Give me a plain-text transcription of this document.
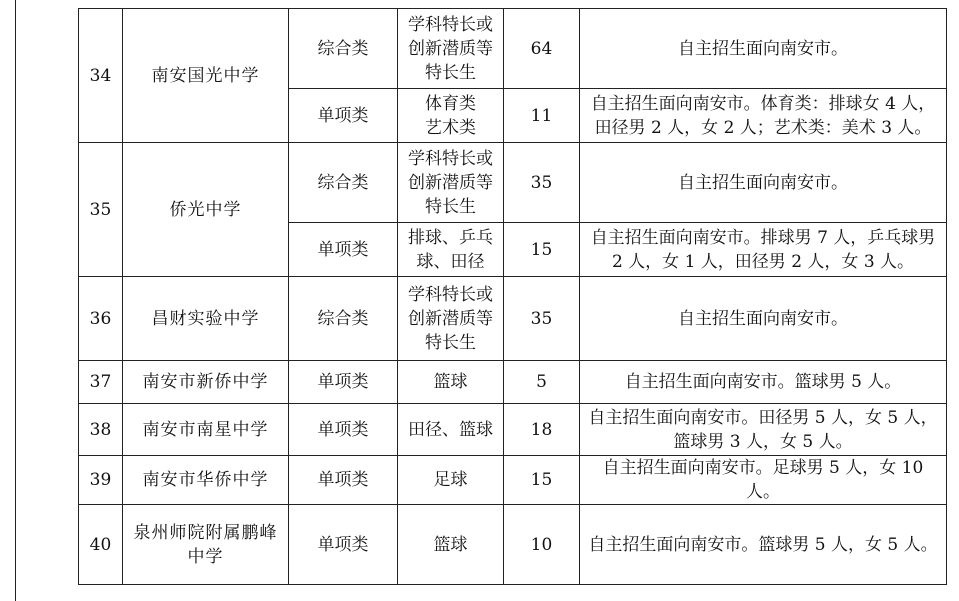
34	南安国光中学	综合类	学科特长或
创新潜质等
特长生	64	自主招生面向南安市。
		单项类	体育类
艺术类	11	自主招生面向南安市。体育类：排球女 4 人，田径男 2 人，女 2 人；艺术类：美术 3 人。
35	侨光中学	综合类	学科特长或
创新潜质等
特长生	35	自主招生面向南安市。
		单项类	排球、乒乓
球、田径	15	自主招生面向南安市。排球男 7 人，乒乓球男 2 人，女 1 人，田径男 2 人，女 3 人。
36	昌财实验中学	综合类	学科特长或
创新潜质等
特长生	35	自主招生面向南安市。
37	南安市新侨中学	单项类	篮球	5	自主招生面向南安市。篮球男 5 人。
38	南安市南星中学	单项类	田径、篮球	18	自主招生面向南安市。田径男 5 人，女 5 人，篮球男 3 人，女 5 人。
39	南安市华侨中学	单项类	足球	15	自主招生面向南安市。足球男 5 人，女 10 人。
40	泉州师院附属鹏峰
中学	单项类	篮球	10	自主招生面向南安市。篮球男 5 人，女 5 人。
